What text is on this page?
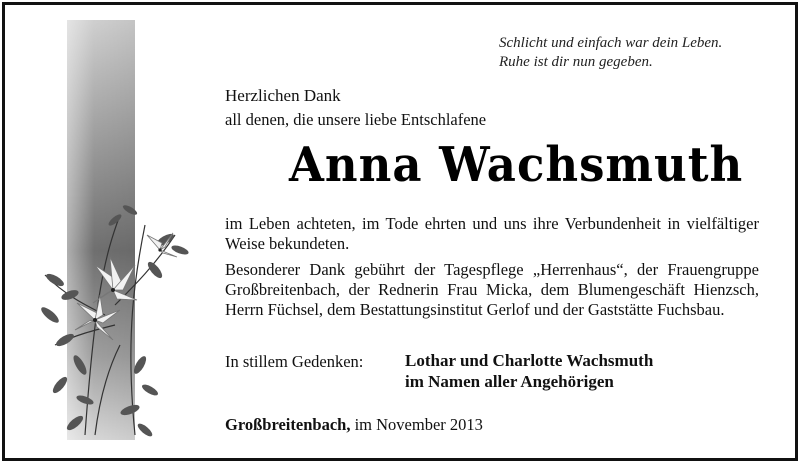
Schlicht und einfach war dein Leben.
Ruhe ist dir nun gegeben.
Herzlichen Dank
all denen, die unsere liebe Entschlafene
Anna Wachsmuth
im Leben achteten, im Tode ehrten und uns ihre Verbundenheit in vielfältiger Weise bekundeten.
Besonderer Dank gebührt der Tagespflege „Herrenhaus“, der Frauengruppe Großbreitenbach, der Rednerin Frau Micka, dem Blumengeschäft Hienzsch, Herrn Füchsel, dem Bestattungsinstitut Gerlof und der Gaststätte Fuchsbau.
In stillem Gedenken: Lothar und Charlotte Wachsmuth
im Namen aller Angehörigen
Großbreitenbach, im November 2013
